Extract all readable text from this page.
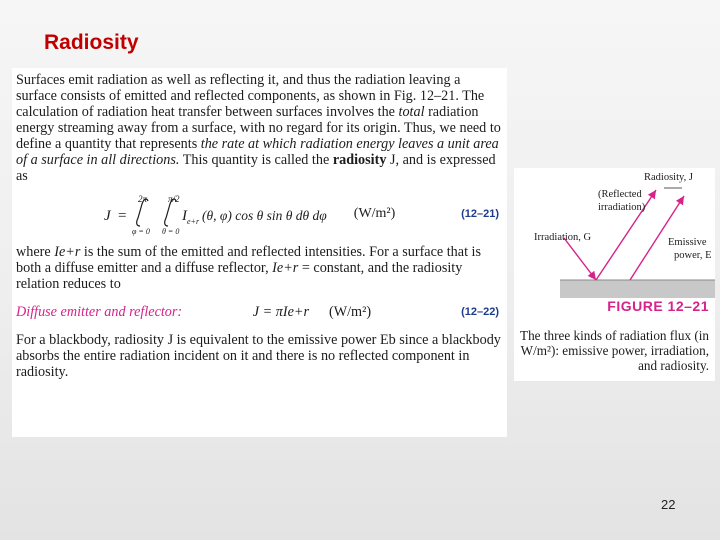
Radiosity

Surfaces emit radiation as well as reflecting it, and thus the radiation leaving a surface consists of emitted and reflected components, as shown in Fig. 12–21. The calculation of radiation heat transfer between surfaces involves the total radiation energy streaming away from a surface, with no regard for its origin. Thus, we need to define a quantity that represents the rate at which radiation energy leaves a unit area of a surface in all directions. This quantity is called the radiosity J, and is expressed as

J =
2π
φ = 0
π/2
θ = 0
I e+r (θ, φ) cos θ sin θ dθ dφ (W/m²)	(12–21)

where Ie+r is the sum of the emitted and reflected intensities. For a surface that is both a diffuse emitter and a diffuse reflector, Ie+r = constant, and the radiosity relation reduces to

Diffuse emitter and reflector:	J = πIe+r (W/m²)	(12–22)

For a blackbody, radiosity J is equivalent to the emissive power Eb since a blackbody absorbs the entire radiation incident on it and there is no reflected component in radiosity.

Radiosity, J
(Reflected
irradiation)
Irradiation, G	Emissive
power, E
FIGURE 12–21
The three kinds of radiation flux (in W/m²): emissive power, irradiation, and radiosity.
22
